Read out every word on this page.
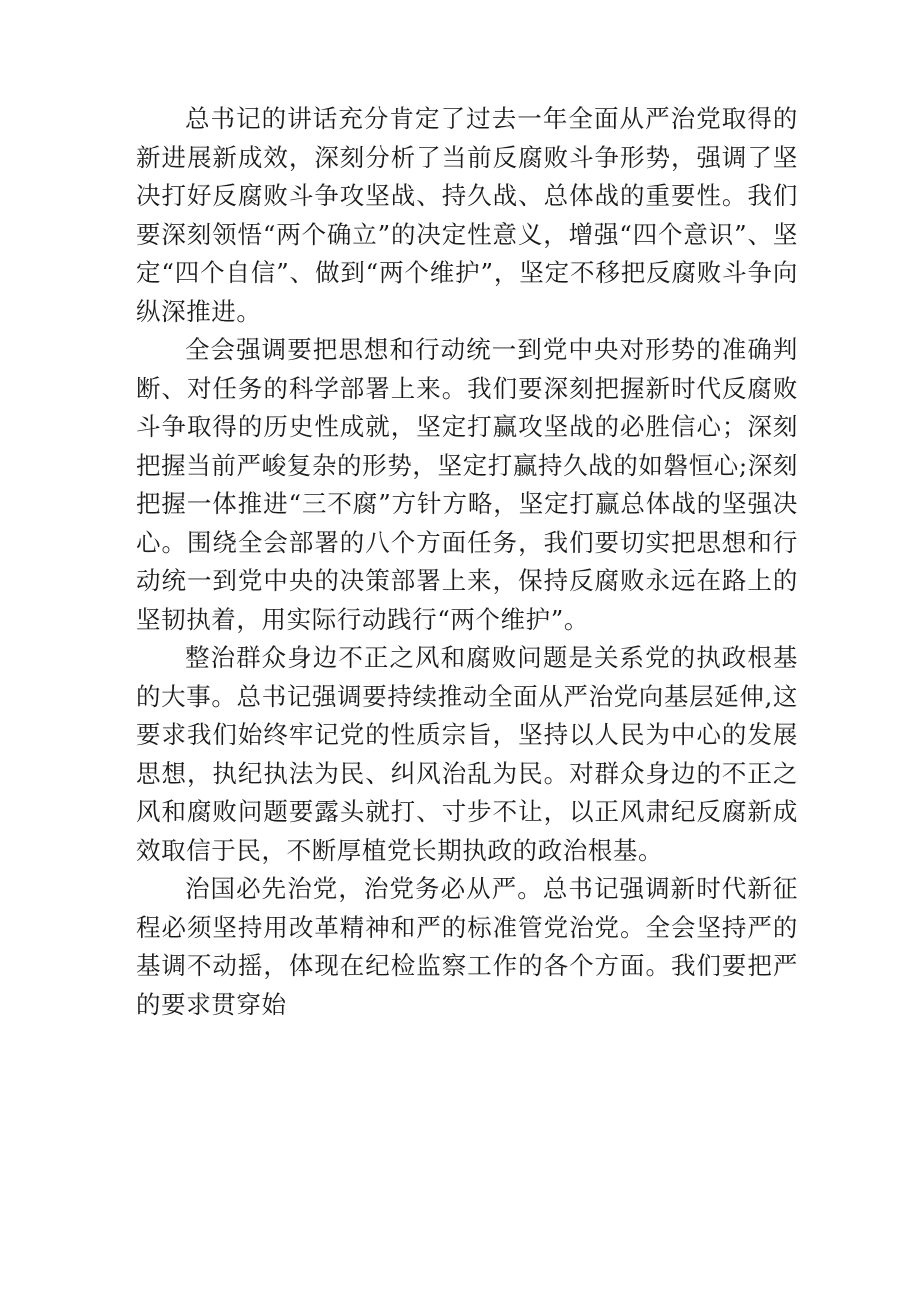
总书记的讲话充分肯定了过去一年全面从严治党取得的新进展新成效，深刻分析了当前反腐败斗争形势，强调了坚决打好反腐败斗争攻坚战、持久战、总体战的重要性。我们要深刻领悟“两个确立”的决定性意义，增强“四个意识”、坚定“四个自信”、做到“两个维护”，坚定不移把反腐败斗争向纵深推进。

全会强调要把思想和行动统一到党中央对形势的准确判断、对任务的科学部署上来。我们要深刻把握新时代反腐败斗争取得的历史性成就，坚定打赢攻坚战的必胜信心；深刻把握当前严峻复杂的形势，坚定打赢持久战的如磐恒心;深刻把握一体推进“三不腐”方针方略，坚定打赢总体战的坚强决心。围绕全会部署的八个方面任务，我们要切实把思想和行动统一到党中央的决策部署上来，保持反腐败永远在路上的坚韧执着，用实际行动践行“两个维护”。

整治群众身边不正之风和腐败问题是关系党的执政根基的大事。总书记强调要持续推动全面从严治党向基层延伸,这要求我们始终牢记党的性质宗旨，坚持以人民为中心的发展思想，执纪执法为民、纠风治乱为民。对群众身边的不正之风和腐败问题要露头就打、寸步不让，以正风肃纪反腐新成效取信于民，不断厚植党长期执政的政治根基。

治国必先治党，治党务必从严。总书记强调新时代新征程必须坚持用改革精神和严的标准管党治党。全会坚持严的基调不动摇，体现在纪检监察工作的各个方面。我们要把严的要求贯穿始
